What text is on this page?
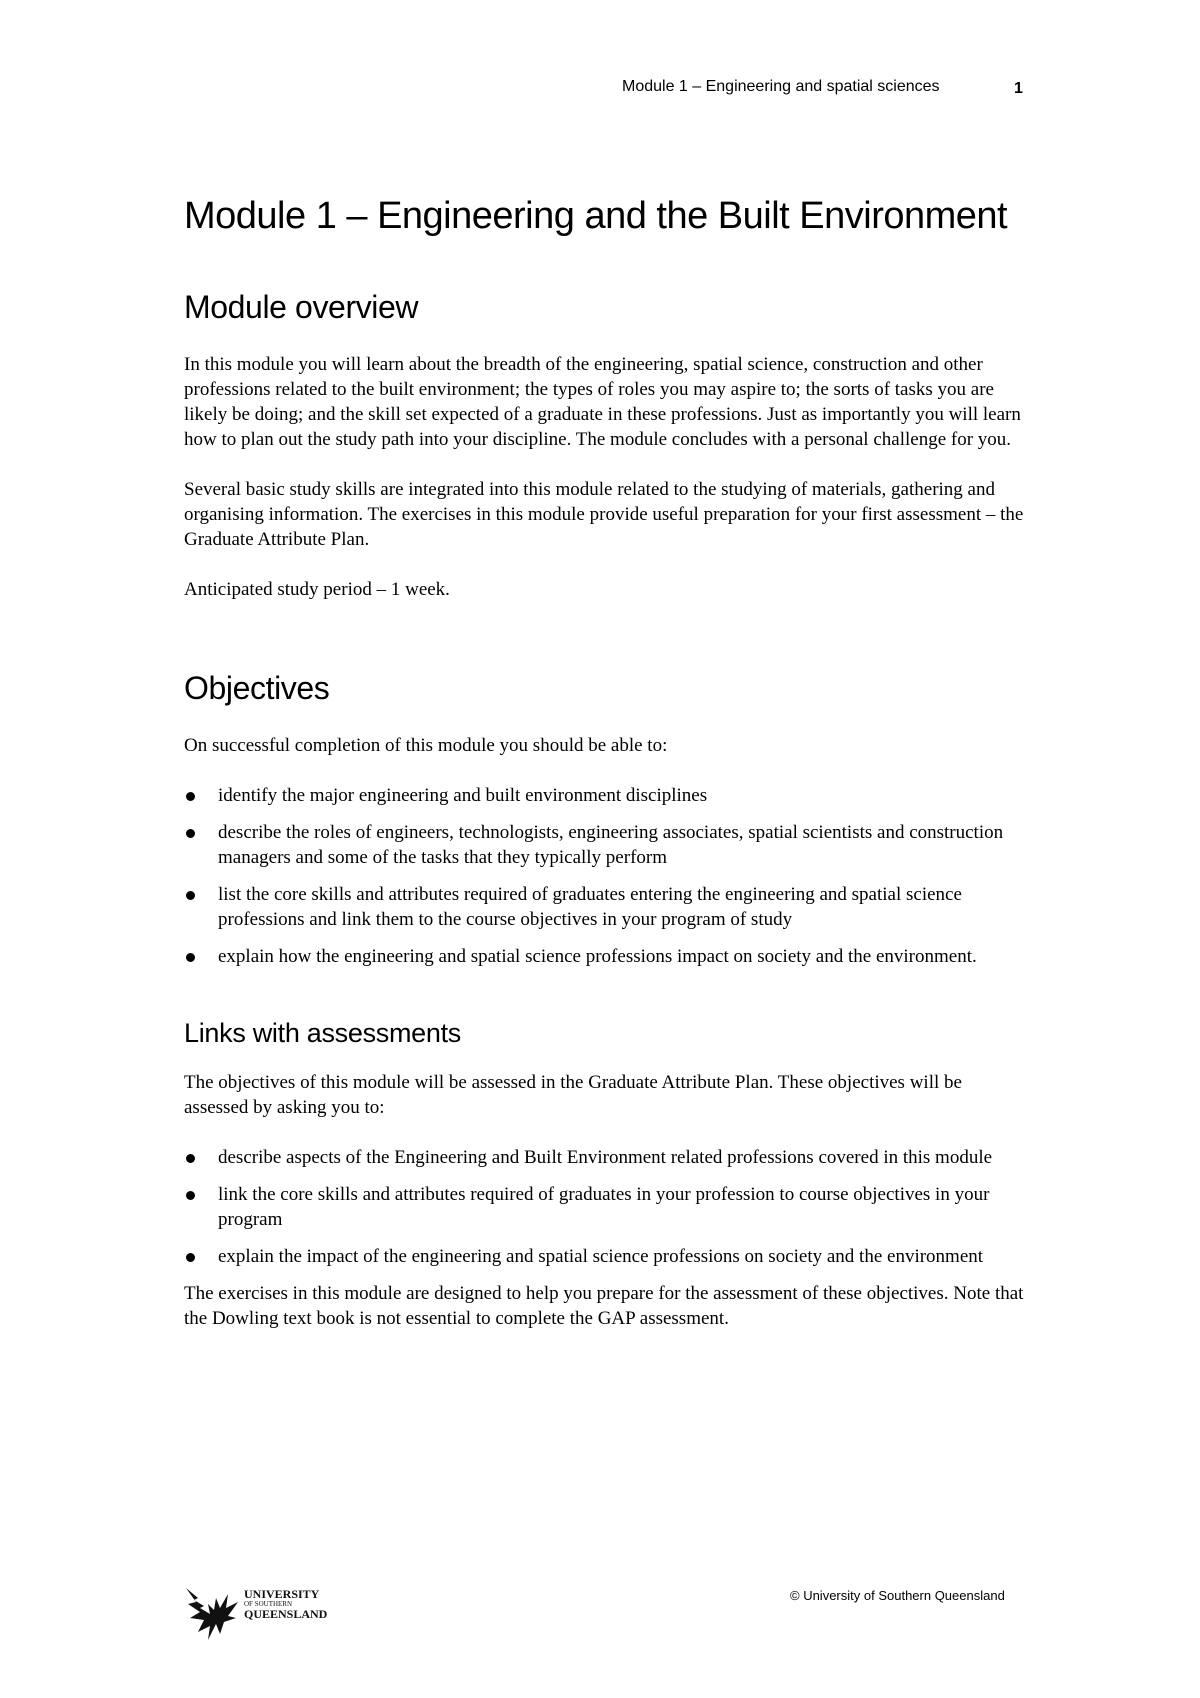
Module 1 – Engineering and spatial sciences	1
Module 1 – Engineering and the Built Environment
Module overview

In this module you will learn about the breadth of the engineering, spatial science, construction and other professions related to the built environment; the types of roles you may aspire to; the sorts of tasks you are likely be doing; and the skill set expected of a graduate in these professions. Just as importantly you will learn how to plan out the study path into your discipline. The module concludes with a personal challenge for you.

Several basic study skills are integrated into this module related to the studying of materials, gathering and organising information. The exercises in this module provide useful preparation for your first assessment – the Graduate Attribute Plan.

Anticipated study period – 1 week.

Objectives

On successful completion of this module you should be able to:

identify the major engineering and built environment disciplines
describe the roles of engineers, technologists, engineering associates, spatial scientists and construction managers and some of the tasks that they typically perform
list the core skills and attributes required of graduates entering the engineering and spatial science professions and link them to the course objectives in your program of study
explain how the engineering and spatial science professions impact on society and the environment.
Links with assessments

The objectives of this module will be assessed in the Graduate Attribute Plan. These objectives will be assessed by asking you to:

describe aspects of the Engineering and Built Environment related professions covered in this module
link the core skills and attributes required of graduates in your profession to course objectives in your program
explain the impact of the engineering and spatial science professions on society and the environment

The exercises in this module are designed to help you prepare for the assessment of these objectives. Note that the Dowling text book is not essential to complete the GAP assessment.

UNIVERSITY
OF SOUTHERN
QUEENSLAND
© University of Southern Queensland
